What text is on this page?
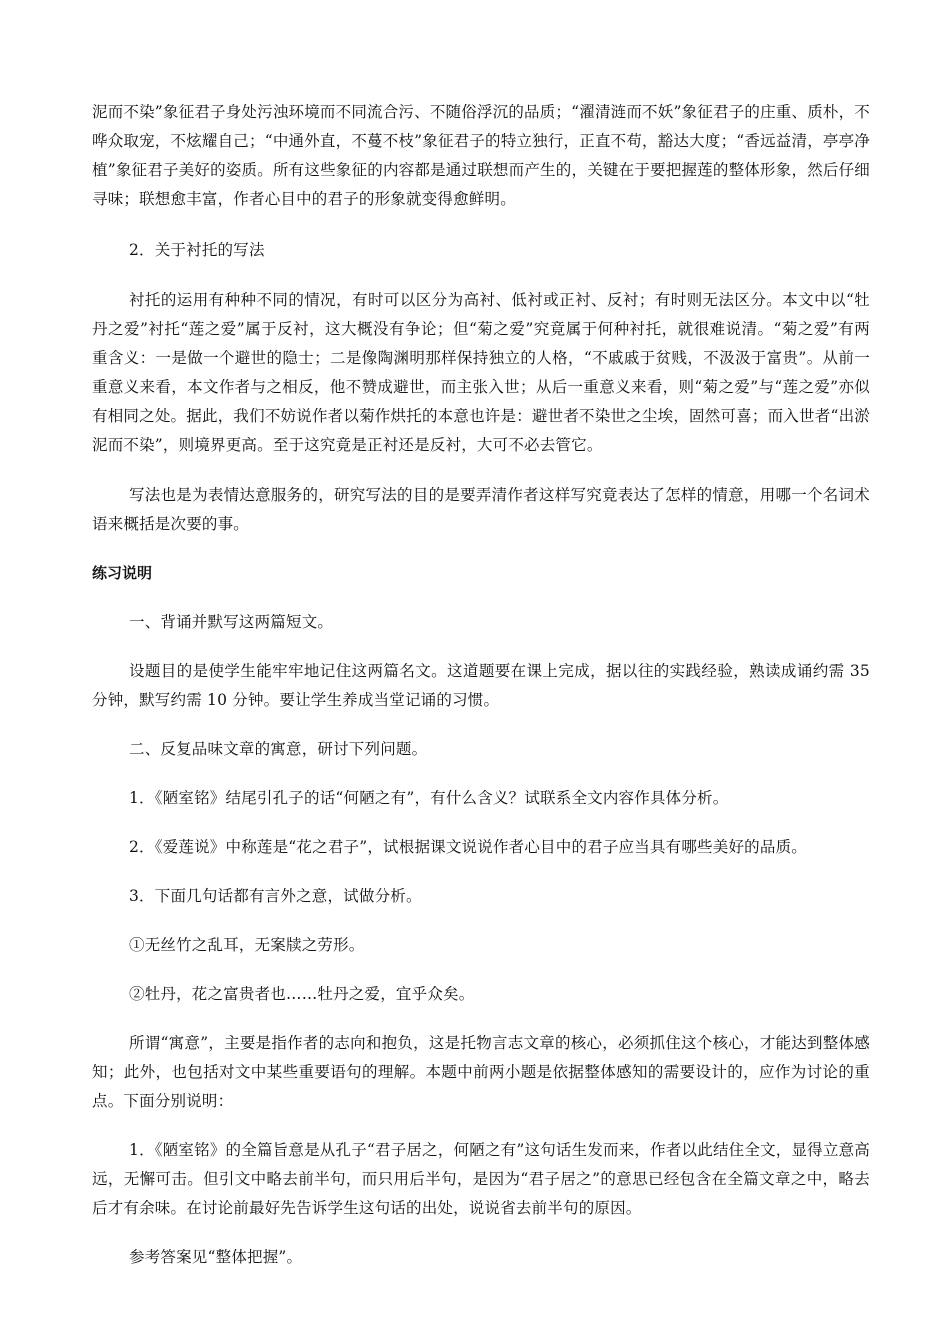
泥而不染”象征君子身处污浊环境而不同流合污、不随俗浮沉的品质；“濯清涟而不妖”象征君子的庄重、质朴，不哗众取宠，不炫耀自己；“中通外直，不蔓不枝”象征君子的特立独行，正直不苟，豁达大度；“香远益清，亭亭净植”象征君子美好的姿质。所有这些象征的内容都是通过联想而产生的，关键在于要把握莲的整体形象，然后仔细寻味；联想愈丰富，作者心目中的君子的形象就变得愈鲜明。

2．关于衬托的写法

衬托的运用有种种不同的情况，有时可以区分为高衬、低衬或正衬、反衬；有时则无法区分。本文中以“牡丹之爱”衬托“莲之爱”属于反衬，这大概没有争论；但“菊之爱”究竟属于何种衬托，就很难说清。“菊之爱”有两重含义：一是做一个避世的隐士；二是像陶渊明那样保持独立的人格，“不戚戚于贫贱，不汲汲于富贵”。从前一重意义来看，本文作者与之相反，他不赞成避世，而主张入世；从后一重意义来看，则“菊之爱”与“莲之爱”亦似有相同之处。据此，我们不妨说作者以菊作烘托的本意也许是：避世者不染世之尘埃，固然可喜；而入世者“出淤泥而不染”，则境界更高。至于这究竟是正衬还是反衬，大可不必去管它。

写法也是为表情达意服务的，研究写法的目的是要弄清作者这样写究竟表达了怎样的情意，用哪一个名词术语来概括是次要的事。

练习说明

一、背诵并默写这两篇短文。

设题目的是使学生能牢牢地记住这两篇名文。这道题要在课上完成，据以往的实践经验，熟读成诵约需 35 分钟，默写约需 10 分钟。要让学生养成当堂记诵的习惯。

二、反复品味文章的寓意，研讨下列问题。

1．《陋室铭》结尾引孔子的话“何陋之有”，有什么含义？试联系全文内容作具体分析。

2．《爱莲说》中称莲是“花之君子”，试根据课文说说作者心目中的君子应当具有哪些美好的品质。

3．下面几句话都有言外之意，试做分析。

①无丝竹之乱耳，无案牍之劳形。

②牡丹，花之富贵者也……牡丹之爱，宜乎众矣。

所谓“寓意”，主要是指作者的志向和抱负，这是托物言志文章的核心，必须抓住这个核心，才能达到整体感知；此外，也包括对文中某些重要语句的理解。本题中前两小题是依据整体感知的需要设计的，应作为讨论的重点。下面分别说明：

1．《陋室铭》的全篇旨意是从孔子“君子居之，何陋之有”这句话生发而来，作者以此结住全文，显得立意高远，无懈可击。但引文中略去前半句，而只用后半句，是因为“君子居之”的意思已经包含在全篇文章之中，略去后才有余味。在讨论前最好先告诉学生这句话的出处，说说省去前半句的原因。

参考答案见“整体把握”。
